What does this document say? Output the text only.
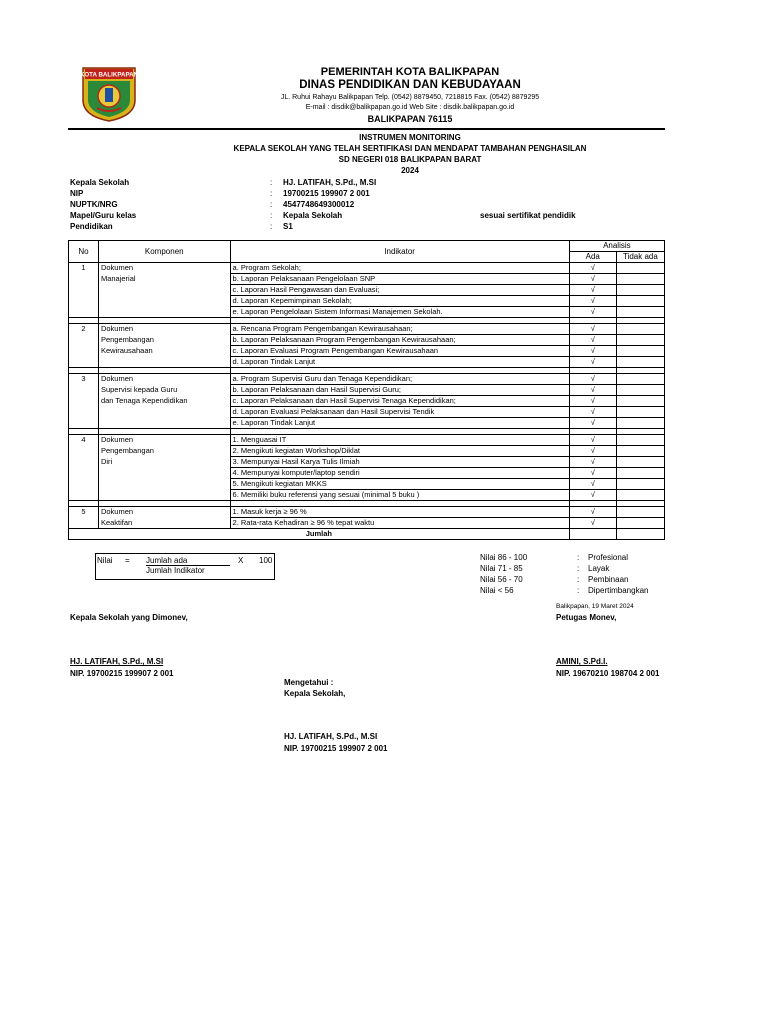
KOTA BALIKPAPAN	PEMERINTAH KOTA BALIKPAPAN
DINAS PENDIDIKAN DAN KEBUDAYAAN
JL. Ruhui Rahayu Balikpapan Telp. (0542) 8879450, 7218815 Fax. (0542) 8879295
E-mail : disdik@balikpapan.go.id Web Site : disdik.balikpapan.go.id
BALIKPAPAN 76115
INSTRUMEN MONITORING
KEPALA SEKOLAH YANG TELAH SERTIFIKASI DAN MENDAPAT TAMBAHAN PENGHASILAN
SD NEGERI 018 BALIKPAPAN BARAT
2024
Kepala Sekolah	: HJ. LATIFAH, S.Pd., M.SI
NIP	: 19700215 199907 2 001
NUPTK/NRG	: 4547748649300012
Mapel/Guru kelas	: Kepala Sekolah	sesuai sertifikat pendidik
Pendidikan	: S1
No	Komponen	Indikator	Analisis	
			Ada	Tidak ada
1	Dokumen	a. Program Sekolah;	√	
	Manajerial	b. Laporan Pelaksanaan Pengelolaan SNP	√	
		c. Laporan Hasil Pengawasan dan Evaluasi;	√	
		d. Laporan Kepemimpinan Sekolah;	√	
		e. Laporan Pengelolaan Sistem Informasi Manajemen Sekolah.	√	

2	Dokumen	a. Rencana Program Pengembangan Kewirausahaan;	√	
	Pengembangan	b. Laporan Pelaksanaan Program Pengembangan Kewirausahaan;	√	
	Kewirausahaan	c. Laporan Evaluasi Program Pengembangan Kewirausahaan	√	
		d. Laporan Tindak Lanjut	√	

3	Dokumen	a. Program Supervisi Guru dan Tenaga Kependidikan;	√	
	Supervisi kepada Guru	b. Laporan Pelaksanaan dan Hasil Supervisi Guru;	√	
	dan Tenaga Kependidikan	c. Laporan Pelaksanaan dan Hasil Supervisi Tenaga Kependidikan;	√	
		d. Laporan Evaluasi Pelaksanaan dan Hasil Supervisi Tendik	√	
		e. Laporan Tindak Lanjut	√	

4	Dokumen	1. Menguasai IT	√	
	Pengembangan	2. Mengikuti kegiatan Workshop/Diklat	√	
	Diri	3. Mempunyai Hasil Karya Tulis Ilmiah	√	
		4. Mempunyai komputer/laptop sendiri	√	
		5. Mengikuti kegiatan MKKS	√	
		6. Memiliki buku referensi yang sesuai (minimal 5 buku )	√	

5	Dokumen	1. Masuk kerja ≥ 96 %	√	
	Keaktifan	2. Rata-rata Kehadiran ≥ 96 % tepat waktu	√	
Jumlah				
Nilai = Jumlah ada	X 100
Jumlah Indikator
Nilai 86 - 100	: Profesional
Nilai 71 - 85	: Layak
Nilai 56 - 70	: Pembinaan
Nilai < 56	: Dipertimbangkan
Balikpapan, 19 Maret 2024
Kepala Sekolah yang Dimonev,	Petugas Monev,
HJ. LATIFAH, S.Pd., M.SI
NIP. 19700215 199907 2 001
AMINI, S.Pd.I.
NIP. 19670210 198704 2 001
Mengetahui :
Kepala Sekolah,
HJ. LATIFAH, S.Pd., M.SI
NIP. 19700215 199907 2 001
